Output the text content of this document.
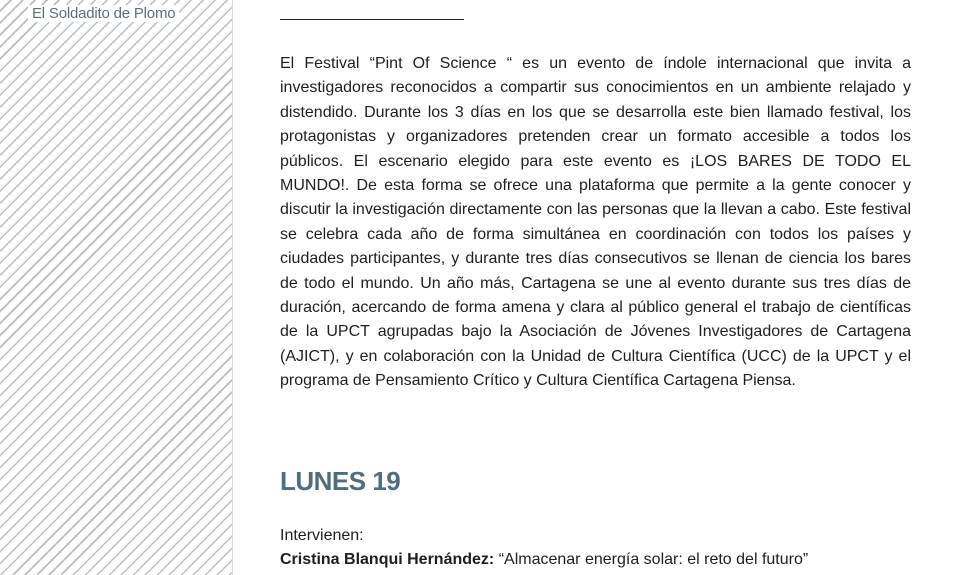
El Soldadito de Plomo
El Festival “Pint Of Science “ es un evento de índole internacional que invita a investigadores reconocidos a compartir sus conocimientos en un ambiente relajado y distendido. Durante los 3 días en los que se desarrolla este bien llamado festival, los protagonistas y organizadores pretenden crear un formato accesible a todos los públicos. El escenario elegido para este evento es ¡LOS BARES DE TODO EL MUNDO!. De esta forma se ofrece una plataforma que permite a la gente conocer y discutir la investigación directamente con las personas que la llevan a cabo. Este festival se celebra cada año de forma simultánea en coordinación con todos los países y ciudades participantes, y durante tres días consecutivos se llenan de ciencia los bares de todo el mundo. Un año más, Cartagena se une al evento durante sus tres días de duración, acercando de forma amena y clara al público general el trabajo de científicas de la UPCT agrupadas bajo la Asociación de Jóvenes Investigadores de Cartagena (AJICT), y en colaboración con la Unidad de Cultura Científica (UCC) de la UPCT y el programa de Pensamiento Crítico y Cultura Científica Cartagena Piensa.
LUNES 19
Intervienen:
Cristina Blanqui Hernández: “Almacenar energía solar: el reto del futuro”
